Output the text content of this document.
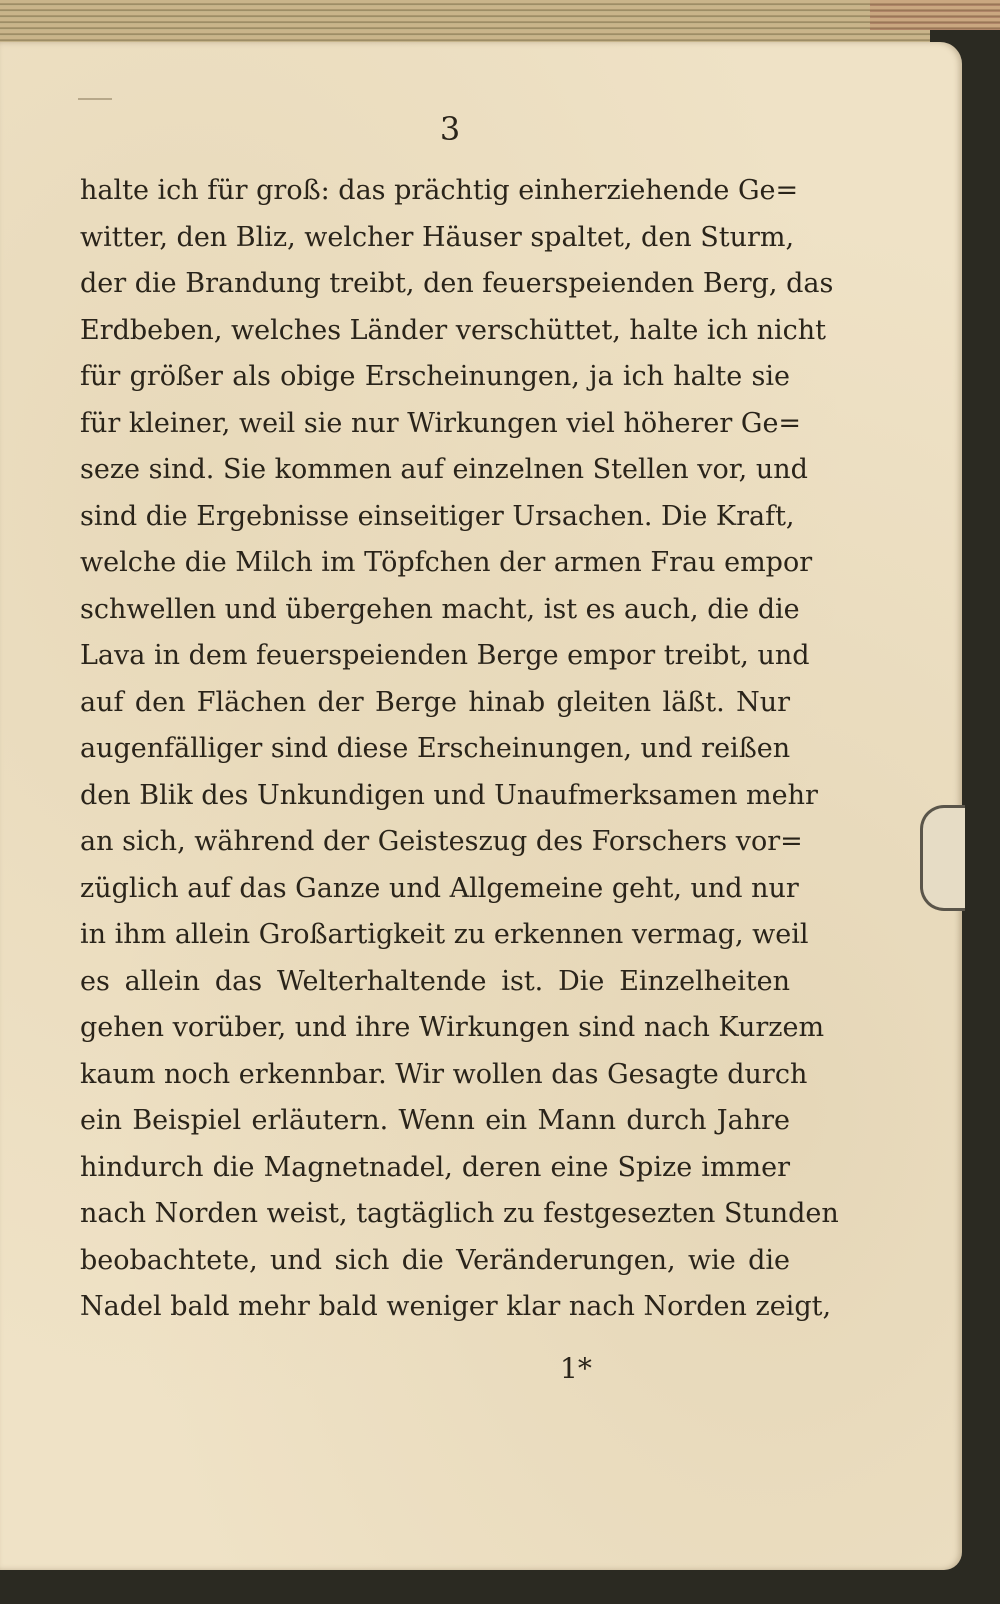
3
halte ich für groß: das prächtig einherziehende Ge=
witter, den Bliz, welcher Häuser spaltet, den Sturm,
der die Brandung treibt, den feuerspeienden Berg, das
Erdbeben, welches Länder verschüttet, halte ich nicht
für größer als obige Erscheinungen, ja ich halte sie
für kleiner, weil sie nur Wirkungen viel höherer Ge=
seze sind. Sie kommen auf einzelnen Stellen vor, und
sind die Ergebnisse einseitiger Ursachen. Die Kraft,
welche die Milch im Töpfchen der armen Frau empor
schwellen und übergehen macht, ist es auch, die die
Lava in dem feuerspeienden Berge empor treibt, und
auf den Flächen der Berge hinab gleiten läßt. Nur
augenfälliger sind diese Erscheinungen, und reißen
den Blik des Unkundigen und Unaufmerksamen mehr
an sich, während der Geisteszug des Forschers vor=
züglich auf das Ganze und Allgemeine geht, und nur
in ihm allein Großartigkeit zu erkennen vermag, weil
es allein das Welterhaltende ist. Die Einzelheiten
gehen vorüber, und ihre Wirkungen sind nach Kurzem
kaum noch erkennbar. Wir wollen das Gesagte durch
ein Beispiel erläutern. Wenn ein Mann durch Jahre
hindurch die Magnetnadel, deren eine Spize immer
nach Norden weist, tagtäglich zu festgesezten Stunden
beobachtete, und sich die Veränderungen, wie die
Nadel bald mehr bald weniger klar nach Norden zeigt,
1*
